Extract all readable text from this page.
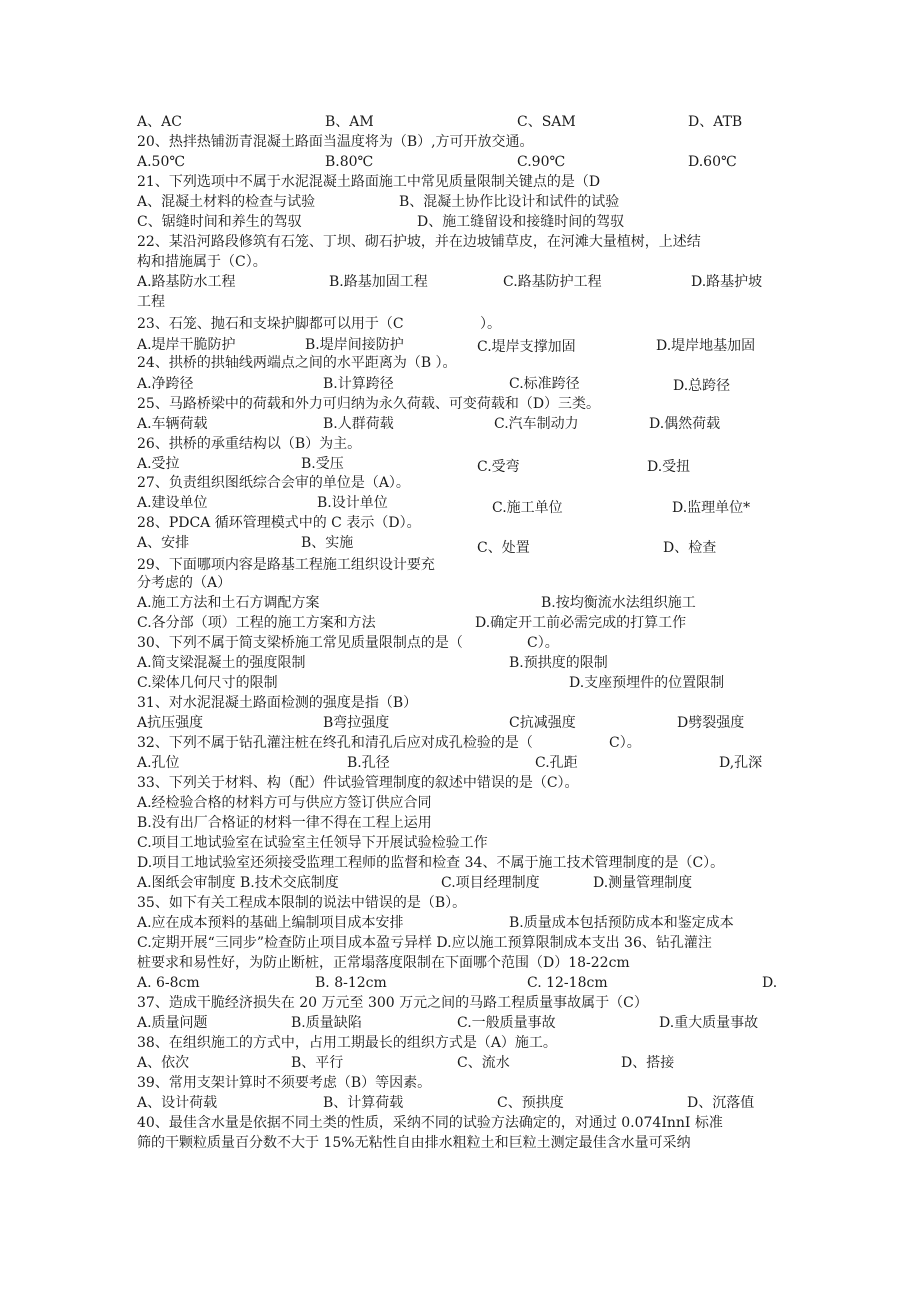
A、AC	B、AM	C、SAM	D、ATB
20、热拌热铺沥青混凝土路面当温度将为（B）,方可开放交通。
A.50℃	B.80℃	C.90℃	D.60℃
21、下列选项中不属于水泥混凝土路面施工中常见质量限制关键点的是（D
A、混凝土材料的检查与试验	B、混凝土协作比设计和试件的试验
C、锯缝时间和养生的驾驭	D、施工缝留设和接缝时间的驾驭
22、某沿河路段修筑有石笼、丁坝、砌石护坡，并在边坡铺草皮，在河滩大量植树，上述结
构和措施属于（C）。
A.路基防水工程	B.路基加固工程	C.路基防护工程	D.路基护坡
工程
23、石笼、抛石和支垛护脚都可以用于（C	）。
A.堤岸干脆防护	B.堤岸间接防护	C.堤岸支撑加固	D.堤岸地基加固
24、拱桥的拱轴线两端点之间的水平距离为（B ）。
A.净跨径	B.计算跨径	C.标准跨径	D.总跨径
25、马路桥梁中的荷载和外力可归纳为永久荷载、可变荷载和（D）三类。
A.车辆荷载	B.人群荷载	C.汽车制动力	D.偶然荷载
26、拱桥的承重结构以（B）为主。
A.受拉	B.受压	C.受弯	D.受扭
27、负责组织图纸综合会审的单位是（A）。
A.建设单位	B.设计单位	C.施工单位	D.监理单位*
28、PDCA 循环管理模式中的 C 表示（D）。
A、安排	B、实施	C、处置	D、检查
29、下面哪项内容是路基工程施工组织设计要充
分考虑的（A）
A.施工方法和土石方调配方案	B.按均衡流水法组织施工
C.各分部（项）工程的施工方案和方法	D.确定开工前必需完成的打算工作
30、下列不属于简支梁桥施工常见质量限制点的是（	C）。
A.简支梁混凝土的强度限制	B.预拱度的限制
C.梁体几何尺寸的限制	D.支座预埋件的位置限制
31、对水泥混凝土路面检测的强度是指（B）
A抗压强度	B弯拉强度	C抗减强度	D劈裂强度
32、下列不属于钻孔灌注桩在终孔和清孔后应对成孔检验的是（	C）。
A.孔位	B.孔径	C.孔距	D,孔深
33、下列关于材料、构（配）件试验管理制度的叙述中错误的是（C）。
A.经检验合格的材料方可与供应方签订供应合同
B.没有出厂合格证的材料一律不得在工程上运用
C.项目工地试验室在试验室主任领导下开展试验检验工作
D.项目工地试验室还须接受监理工程师的监督和检查 34、不属于施工技术管理制度的是（C）。
A.图纸会审制度 B.技术交底制度	C.项目经理制度	D.测量管理制度
35、如下有关工程成本限制的说法中错误的是（B）。
A.应在成本预料的基础上编制项目成本安排	B.质量成本包括预防成本和鉴定成本
C.定期开展“三同步”检查防止项目成本盈亏异样 D.应以施工预算限制成本支出 36、钻孔灌注
桩要求和易性好，为防止断桩，正常塌落度限制在下面哪个范围（D）18-22cm
A. 6-8cm	B. 8-12cm	C. 12-18cm	D.
37、造成干脆经济损失在 20 万元至 300 万元之间的马路工程质量事故属于（C）
A.质量问题	B.质量缺陷	C.一般质量事故	D.重大质量事故
38、在组织施工的方式中，占用工期最长的组织方式是（A）施工。
A、依次	B、平行	C、流水	D、搭接
39、常用支架计算时不须要考虑（B）等因素。
A、设计荷载	B、计算荷载	C、预拱度	D、沉落值
40、最佳含水量是依据不同土类的性质，采纳不同的试验方法确定的，对通过 0.074InnI 标准
筛的干颗粒质量百分数不大于 15%无粘性自由排水粗粒土和巨粒土测定最佳含水量可采纳
